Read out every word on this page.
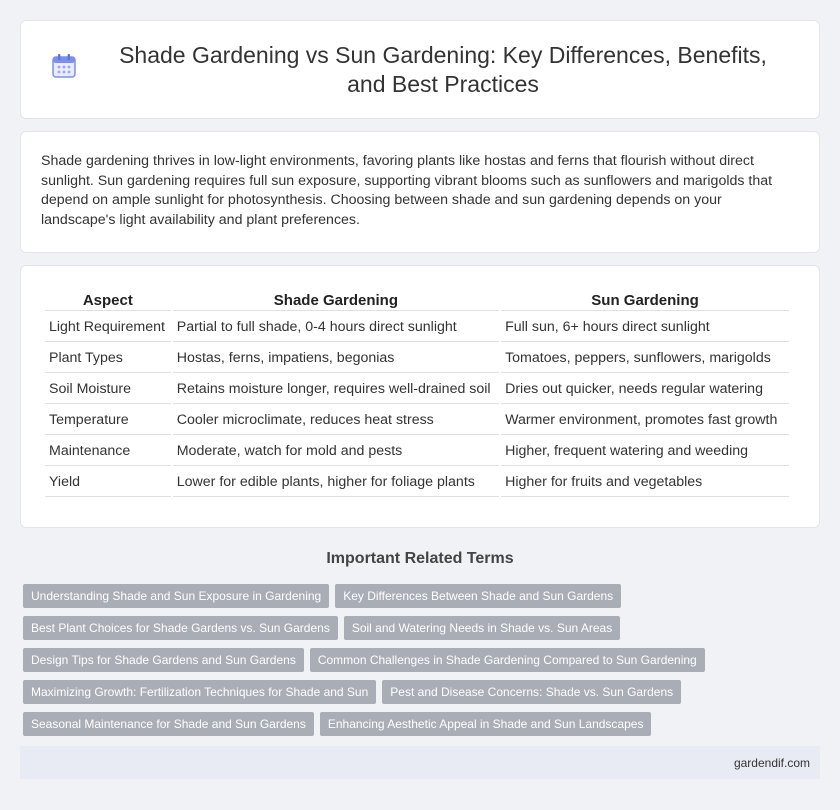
Shade Gardening vs Sun Gardening: Key Differences, Benefits, and Best Practices

Shade gardening thrives in low-light environments, favoring plants like hostas and ferns that flourish without direct sunlight. Sun gardening requires full sun exposure, supporting vibrant blooms such as sunflowers and marigolds that depend on ample sunlight for photosynthesis. Choosing between shade and sun gardening depends on your landscape's light availability and plant preferences.

Aspect	Shade Gardening	Sun Gardening
Light Requirement	Partial to full shade, 0-4 hours direct sunlight	Full sun, 6+ hours direct sunlight
Plant Types	Hostas, ferns, impatiens, begonias	Tomatoes, peppers, sunflowers, marigolds
Soil Moisture	Retains moisture longer, requires well-drained soil	Dries out quicker, needs regular watering
Temperature	Cooler microclimate, reduces heat stress	Warmer environment, promotes fast growth
Maintenance	Moderate, watch for mold and pests	Higher, frequent watering and weeding
Yield	Lower for edible plants, higher for foliage plants	Higher for fruits and vegetables
Important Related Terms
Understanding Shade and Sun Exposure in Gardening	Key Differences Between Shade and Sun Gardens
Best Plant Choices for Shade Gardens vs. Sun Gardens	Soil and Watering Needs in Shade vs. Sun Areas
Design Tips for Shade Gardens and Sun Gardens	Common Challenges in Shade Gardening Compared to Sun Gardening
Maximizing Growth: Fertilization Techniques for Shade and Sun	Pest and Disease Concerns: Shade vs. Sun Gardens
Seasonal Maintenance for Shade and Sun Gardens	Enhancing Aesthetic Appeal in Shade and Sun Landscapes
gardendif.com
